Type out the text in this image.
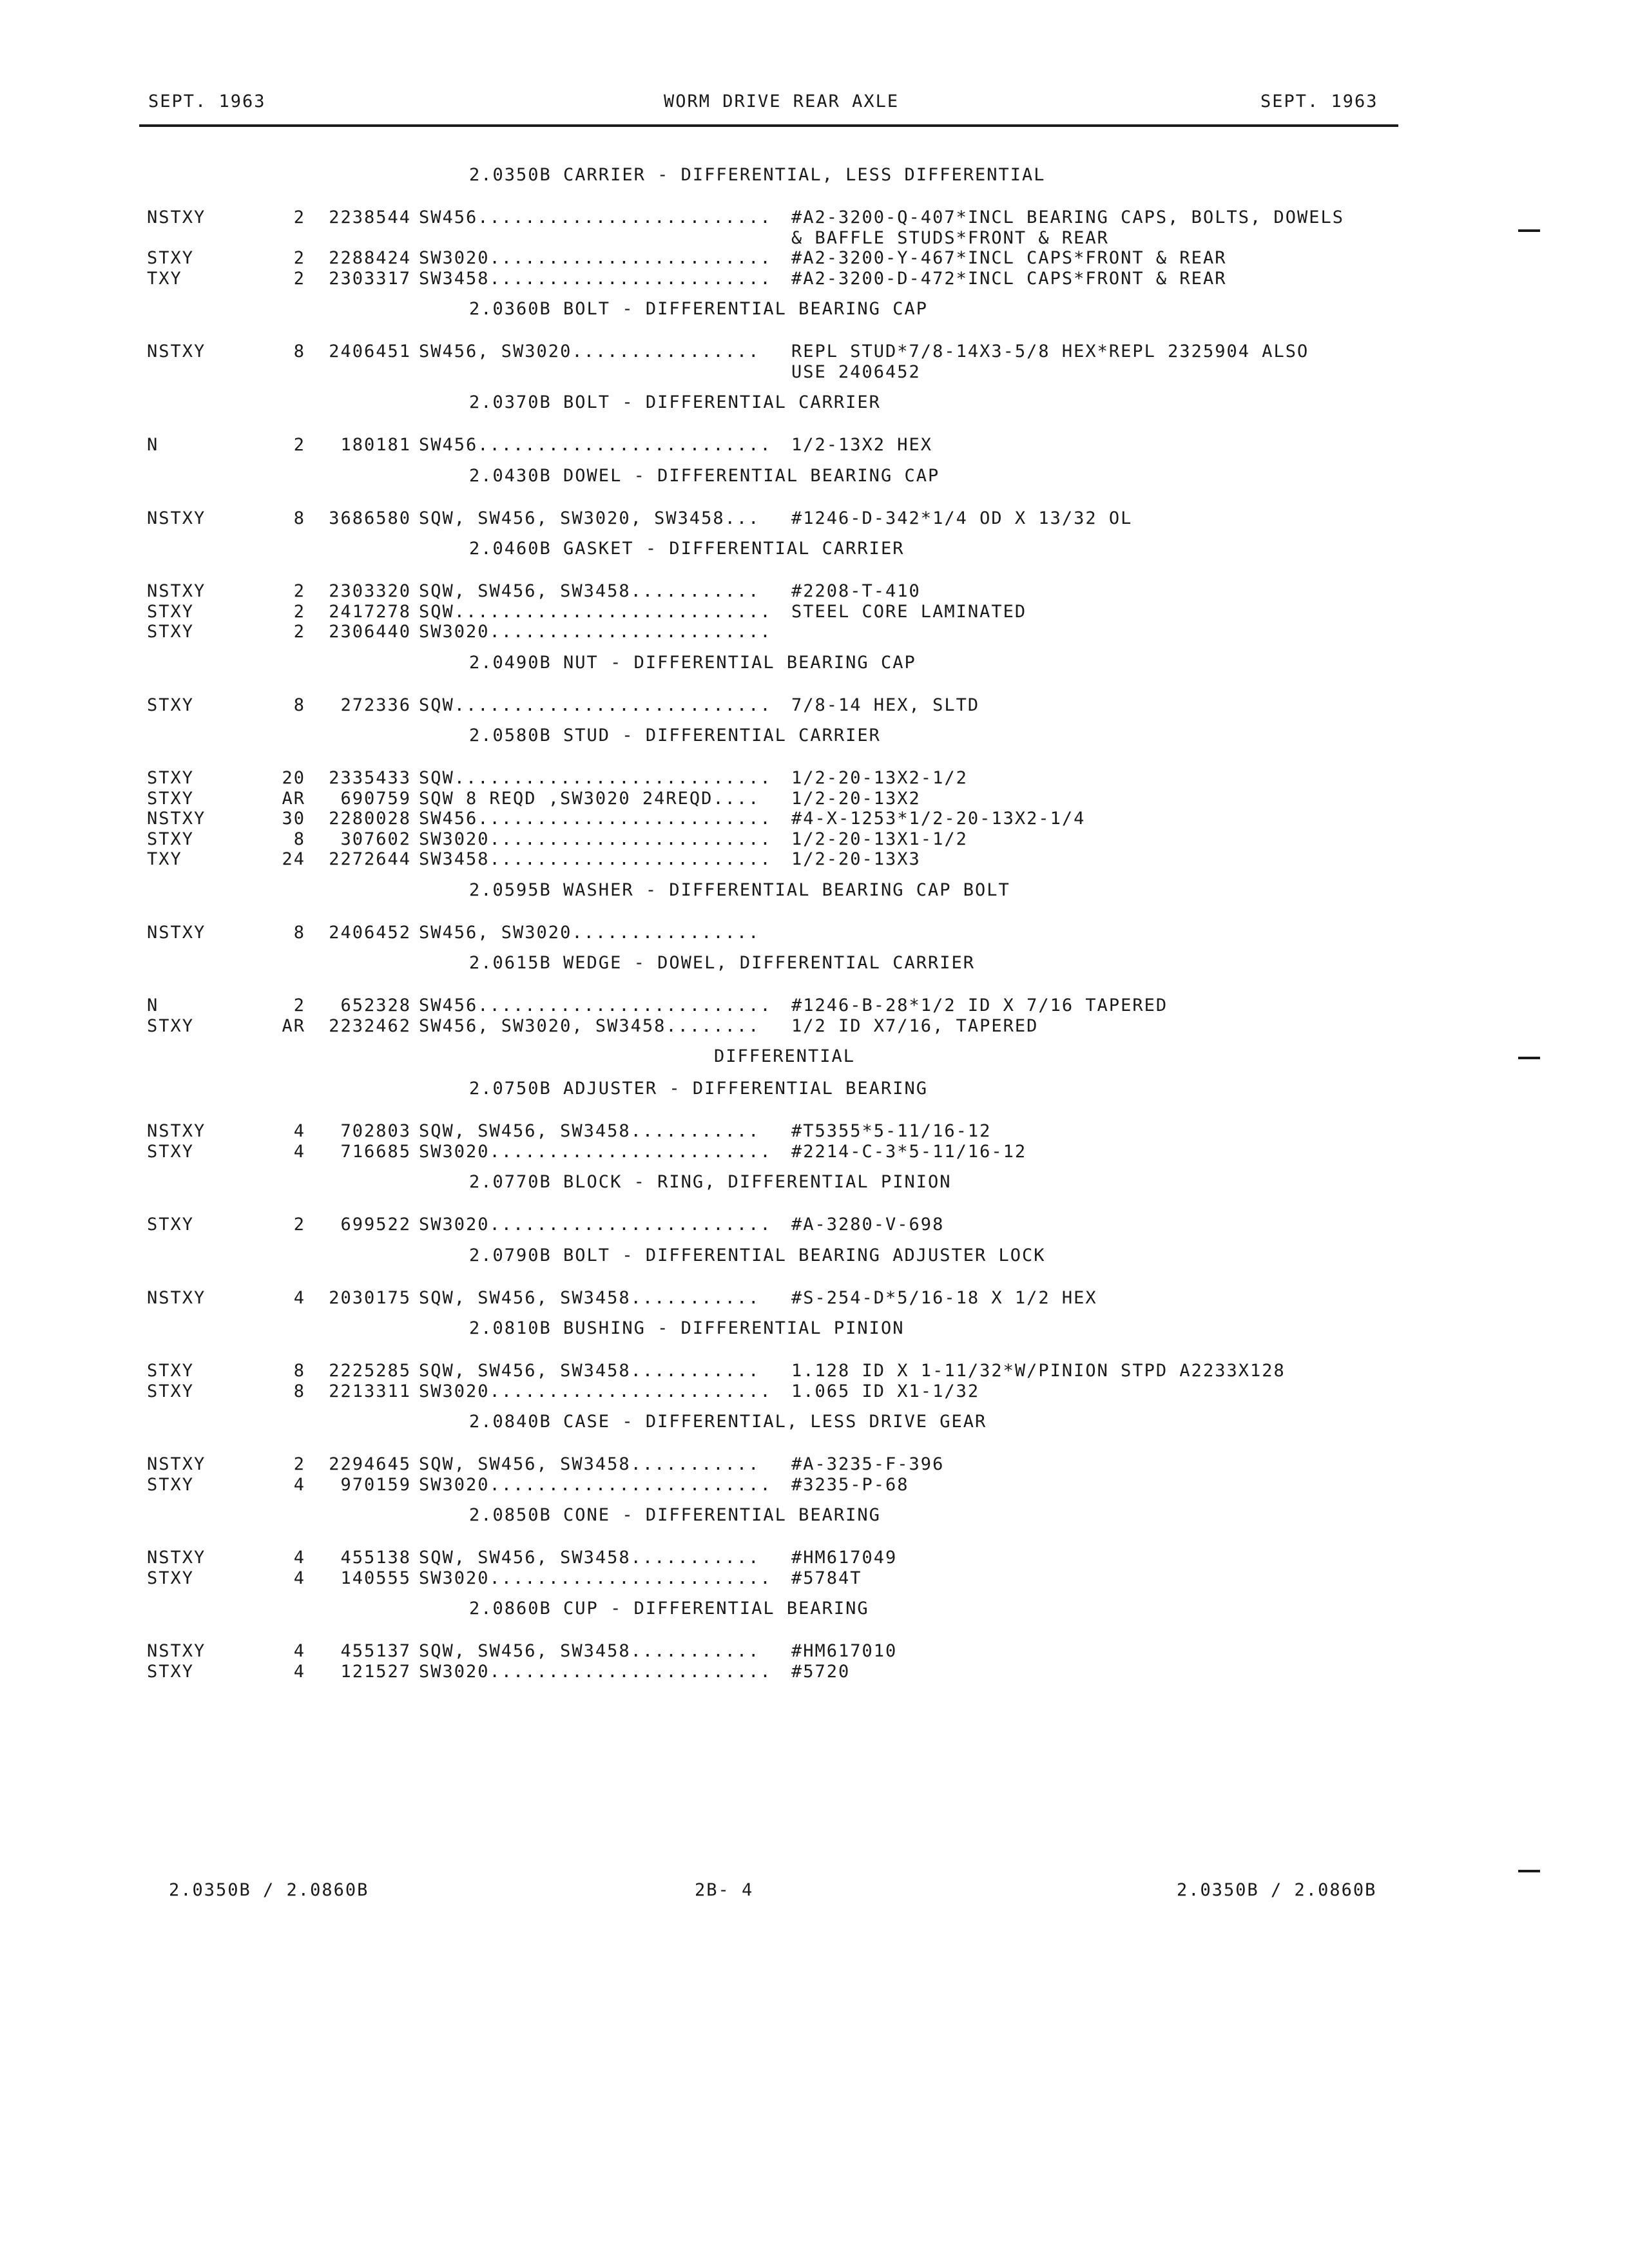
SEPT. 1963	WORM DRIVE REAR AXLE	SEPT. 1963
2.0350B CARRIER - DIFFERENTIAL, LESS DIFFERENTIAL
NSTXY	2	2238544 SW456.........................	#A2-3200-Q-407*INCL BEARING CAPS, BOLTS, DOWELS
& BAFFLE STUDS*FRONT & REAR
STXY	2	2288424 SW3020........................	#A2-3200-Y-467*INCL CAPS*FRONT & REAR
TXY	2	2303317 SW3458........................	#A2-3200-D-472*INCL CAPS*FRONT & REAR
2.0360B BOLT - DIFFERENTIAL BEARING CAP
NSTXY	8	2406451 SW456, SW3020................	REPL STUD*7/8-14X3-5/8 HEX*REPL 2325904 ALSO
USE 2406452
2.0370B BOLT - DIFFERENTIAL CARRIER
N	2	180181 SW456.........................	1/2-13X2 HEX
2.0430B DOWEL - DIFFERENTIAL BEARING CAP
NSTXY	8	3686580 SQW, SW456, SW3020, SW3458...	#1246-D-342*1/4 OD X 13/32 OL
2.0460B GASKET - DIFFERENTIAL CARRIER
NSTXY	2	2303320 SQW, SW456, SW3458...........	#2208-T-410
STXY	2	2417278 SQW...........................	STEEL CORE LAMINATED
STXY	2	2306440 SW3020........................
2.0490B NUT - DIFFERENTIAL BEARING CAP
STXY	8	272336 SQW...........................	7/8-14 HEX, SLTD
2.0580B STUD - DIFFERENTIAL CARRIER
STXY	20	2335433 SQW...........................	1/2-20-13X2-1/2
STXY	AR	690759 SQW 8 REQD ,SW3020 24REQD....	1/2-20-13X2
NSTXY	30	2280028 SW456.........................	#4-X-1253*1/2-20-13X2-1/4
STXY	8	307602 SW3020........................	1/2-20-13X1-1/2
TXY	24	2272644 SW3458........................	1/2-20-13X3
2.0595B WASHER - DIFFERENTIAL BEARING CAP BOLT
NSTXY	8	2406452 SW456, SW3020................
2.0615B WEDGE - DOWEL, DIFFERENTIAL CARRIER
N	2	652328 SW456.........................	#1246-B-28*1/2 ID X 7/16 TAPERED
STXY	AR	2232462 SW456, SW3020, SW3458........	1/2 ID X7/16, TAPERED
DIFFERENTIAL
2.0750B ADJUSTER - DIFFERENTIAL BEARING
NSTXY	4	702803 SQW, SW456, SW3458...........	#T5355*5-11/16-12
STXY	4	716685 SW3020........................	#2214-C-3*5-11/16-12
2.0770B BLOCK - RING, DIFFERENTIAL PINION
STXY	2	699522 SW3020........................	#A-3280-V-698
2.0790B BOLT - DIFFERENTIAL BEARING ADJUSTER LOCK
NSTXY	4	2030175 SQW, SW456, SW3458...........	#S-254-D*5/16-18 X 1/2 HEX
2.0810B BUSHING - DIFFERENTIAL PINION
STXY	8	2225285 SQW, SW456, SW3458...........	1.128 ID X 1-11/32*W/PINION STPD A2233X128
STXY	8	2213311 SW3020........................	1.065 ID X1-1/32
2.0840B CASE - DIFFERENTIAL, LESS DRIVE GEAR
NSTXY	2	2294645 SQW, SW456, SW3458...........	#A-3235-F-396
STXY	4	970159 SW3020........................	#3235-P-68
2.0850B CONE - DIFFERENTIAL BEARING
NSTXY	4	455138 SQW, SW456, SW3458...........	#HM617049
STXY	4	140555 SW3020........................	#5784T
2.0860B CUP - DIFFERENTIAL BEARING
NSTXY	4	455137 SQW, SW456, SW3458...........	#HM617010
STXY	4	121527 SW3020........................	#5720
2.0350B / 2.0860B	2B- 4	2.0350B / 2.0860B
